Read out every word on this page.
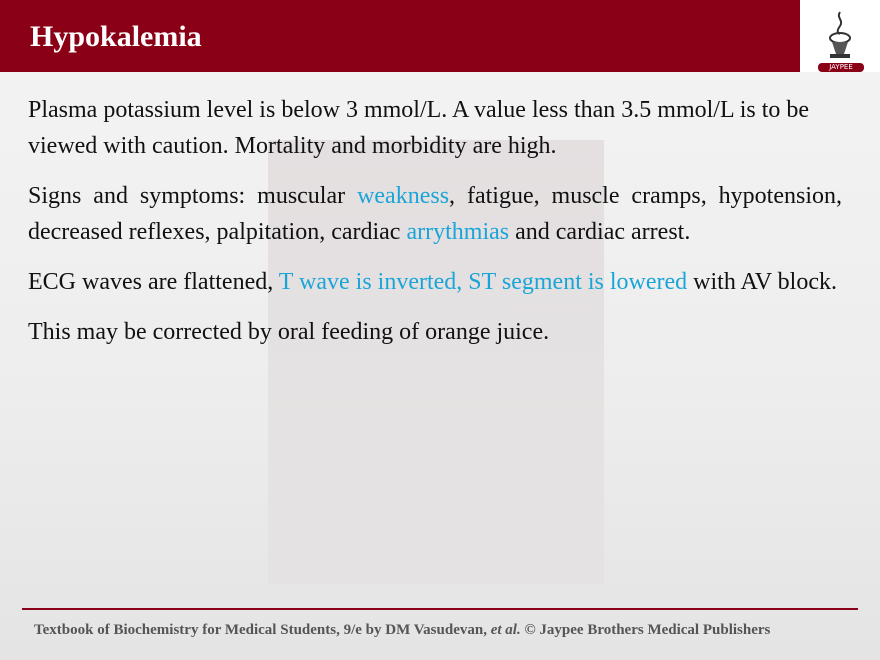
Hypokalemia
JAYPEE

Plasma potassium level is below 3 mmol/L. A value less than 3.5 mmol/L is to be viewed with caution. Mortality and morbidity are high.

Signs and symptoms: muscular weakness, fatigue, muscle cramps, hypotension, decreased reflexes, palpitation, cardiac arrythmias and cardiac arrest.

ECG waves are flattened, T wave is inverted, ST segment is lowered with AV block.

This may be corrected by oral feeding of orange juice.

Textbook of Biochemistry for Medical Students, 9/e by DM Vasudevan, et al. © Jaypee Brothers Medical Publishers
